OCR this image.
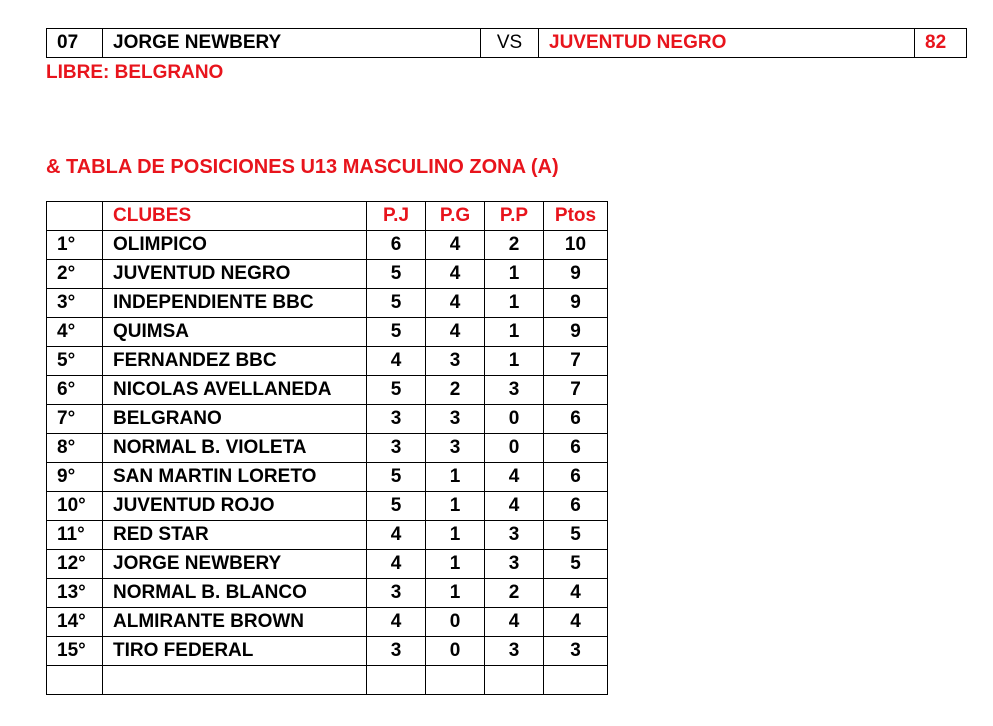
07	JORGE NEWBERY	VS	JUVENTUD NEGRO	82
LIBRE: BELGRANO
& TABLA DE POSICIONES U13 MASCULINO ZONA (A)
	CLUBES	P.J	P.G	P.P	Ptos
1°	OLIMPICO	6	4	2	10
2°	JUVENTUD NEGRO	5	4	1	9
3°	INDEPENDIENTE BBC	5	4	1	9
4°	QUIMSA	5	4	1	9
5°	FERNANDEZ BBC	4	3	1	7
6°	NICOLAS AVELLANEDA	5	2	3	7
7°	BELGRANO	3	3	0	6
8°	NORMAL B. VIOLETA	3	3	0	6
9°	SAN MARTIN LORETO	5	1	4	6
10°	JUVENTUD ROJO	5	1	4	6
11°	RED STAR	4	1	3	5
12°	JORGE NEWBERY	4	1	3	5
13°	NORMAL B. BLANCO	3	1	2	4
14°	ALMIRANTE BROWN	4	0	4	4
15°	TIRO FEDERAL	3	0	3	3
